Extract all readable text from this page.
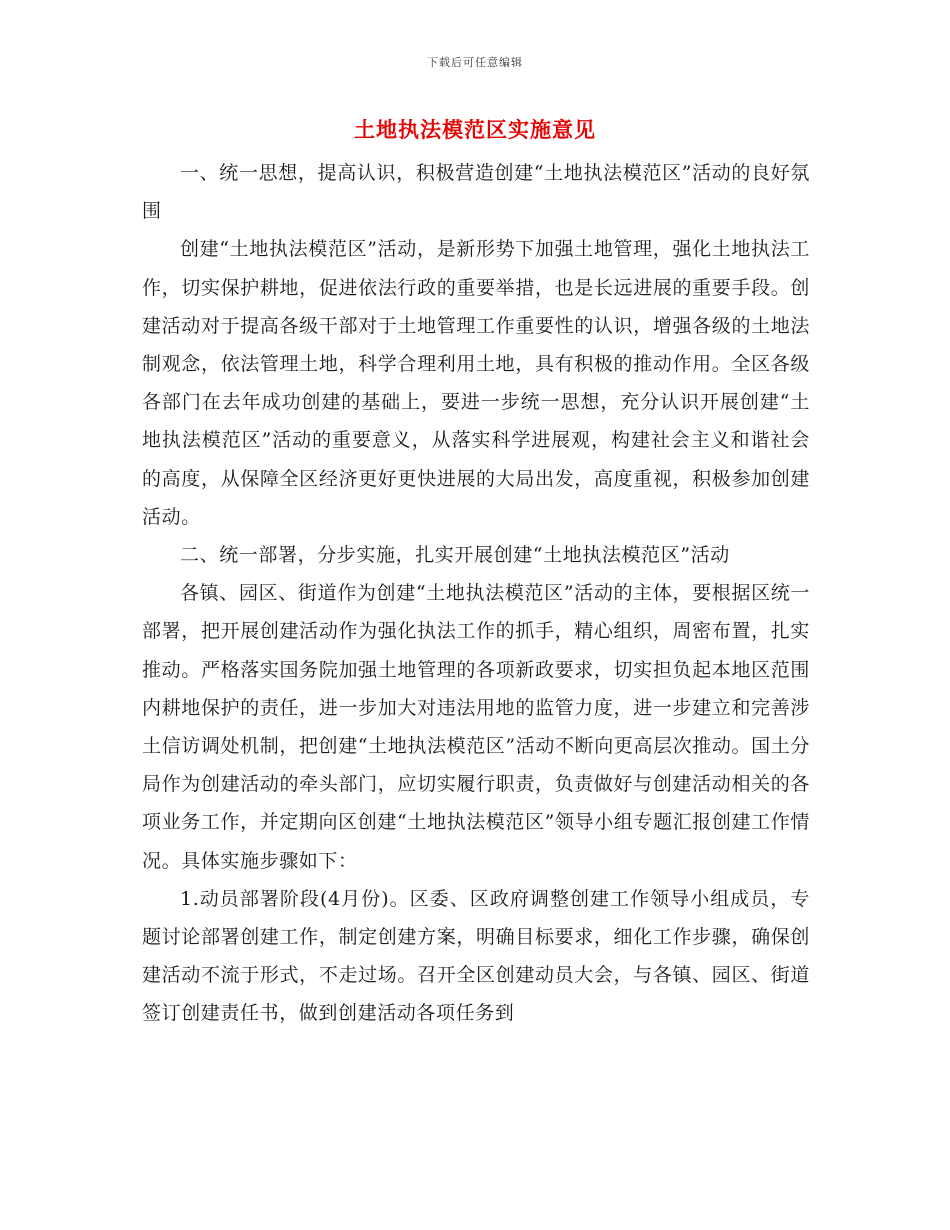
下载后可任意编辑
土地执法模范区实施意见

一、统一思想，提高认识，积极营造创建“土地执法模范区”活动的良好氛围

创建“土地执法模范区”活动，是新形势下加强土地管理，强化土地执法工作，切实保护耕地，促进依法行政的重要举措，也是长远进展的重要手段。创建活动对于提高各级干部对于土地管理工作重要性的认识，增强各级的土地法制观念，依法管理土地，科学合理利用土地，具有积极的推动作用。全区各级各部门在去年成功创建的基础上，要进一步统一思想，充分认识开展创建“土地执法模范区”活动的重要意义，从落实科学进展观，构建社会主义和谐社会的高度，从保障全区经济更好更快进展的大局出发，高度重视，积极参加创建活动。

二、统一部署，分步实施，扎实开展创建“土地执法模范区”活动

各镇、园区、街道作为创建“土地执法模范区”活动的主体，要根据区统一部署，把开展创建活动作为强化执法工作的抓手，精心组织，周密布置，扎实推动。严格落实国务院加强土地管理的各项新政要求，切实担负起本地区范围内耕地保护的责任，进一步加大对违法用地的监管力度，进一步建立和完善涉土信访调处机制，把创建“土地执法模范区”活动不断向更高层次推动。国土分局作为创建活动的牵头部门，应切实履行职责，负责做好与创建活动相关的各项业务工作，并定期向区创建“土地执法模范区”领导小组专题汇报创建工作情况。具体实施步骤如下：

1.动员部署阶段(4月份)。区委、区政府调整创建工作领导小组成员，专题讨论部署创建工作，制定创建方案，明确目标要求，细化工作步骤，确保创建活动不流于形式，不走过场。召开全区创建动员大会，与各镇、园区、街道签订创建责任书，做到创建活动各项任务到
